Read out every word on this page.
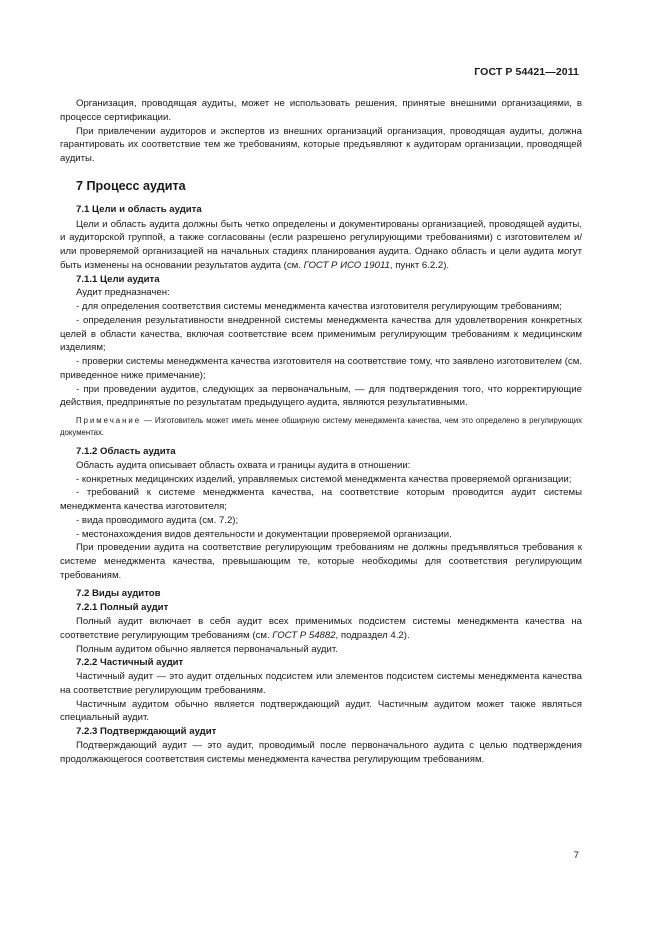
ГОСТ Р 54421—2011

Организация, проводящая аудиты, может не использовать решения, принятые внешними организациями, в процессе сертификации.

При привлечении аудиторов и экспертов из внешних организаций организация, проводящая аудиты, должна гарантировать их соответствие тем же требованиям, которые предъявляют к аудиторам организации, проводящей аудиты.

7 Процесс аудита
7.1 Цели и область аудита

Цели и область аудита должны быть четко определены и документированы организацией, проводящей аудиты, и аудиторской группой, а также согласованы (если разрешено регулирующими требованиями) с изготовителем и/или проверяемой организацией на начальных стадиях планирования аудита. Однако область и цели аудита могут быть изменены на основании результатов аудита (см. ГОСТ Р ИСО 19011, пункт 6.2.2).

7.1.1 Цели аудита

Аудит предназначен:

- для определения соответствия системы менеджмента качества изготовителя регулирующим требованиям;

- определения результативности внедренной системы менеджмента качества для удовлетворения конкретных целей в области качества, включая соответствие всем применимым регулирующим требованиям к медицинским изделиям;

- проверки системы менеджмента качества изготовителя на соответствие тому, что заявлено изготовителем (см. приведенное ниже примечание);

- при проведении аудитов, следующих за первоначальным, — для подтверждения того, что корректирующие действия, предпринятые по результатам предыдущего аудита, являются результативными.

Примечание — Изготовитель может иметь менее обширную систему менеджмента качества, чем это определено в регулирующих документах.

7.1.2 Область аудита

Область аудита описывает область охвата и границы аудита в отношении:

- конкретных медицинских изделий, управляемых системой менеджмента качества проверяемой организации;

- требований к системе менеджмента качества, на соответствие которым проводится аудит системы менеджмента качества изготовителя;

- вида проводимого аудита (см. 7.2);

- местонахождения видов деятельности и документации проверяемой организации.

При проведении аудита на соответствие регулирующим требованиям не должны предъявляться требования к системе менеджмента качества, превышающим те, которые необходимы для соответствия регулирующим требованиям.

7.2 Виды аудитов
7.2.1 Полный аудит

Полный аудит включает в себя аудит всех применимых подсистем системы менеджмента качества на соответствие регулирующим требованиям (см. ГОСТ Р 54882, подраздел 4.2).

Полным аудитом обычно является первоначальный аудит.

7.2.2 Частичный аудит

Частичный аудит — это аудит отдельных подсистем или элементов подсистем системы менеджмента качества на соответствие регулирующим требованиям.

Частичным аудитом обычно является подтверждающий аудит. Частичным аудитом может также являться специальный аудит.

7.2.3 Подтверждающий аудит

Подтверждающий аудит — это аудит, проводимый после первоначального аудита с целью подтверждения продолжающегося соответствия системы менеджмента качества регулирующим требованиям.

7
